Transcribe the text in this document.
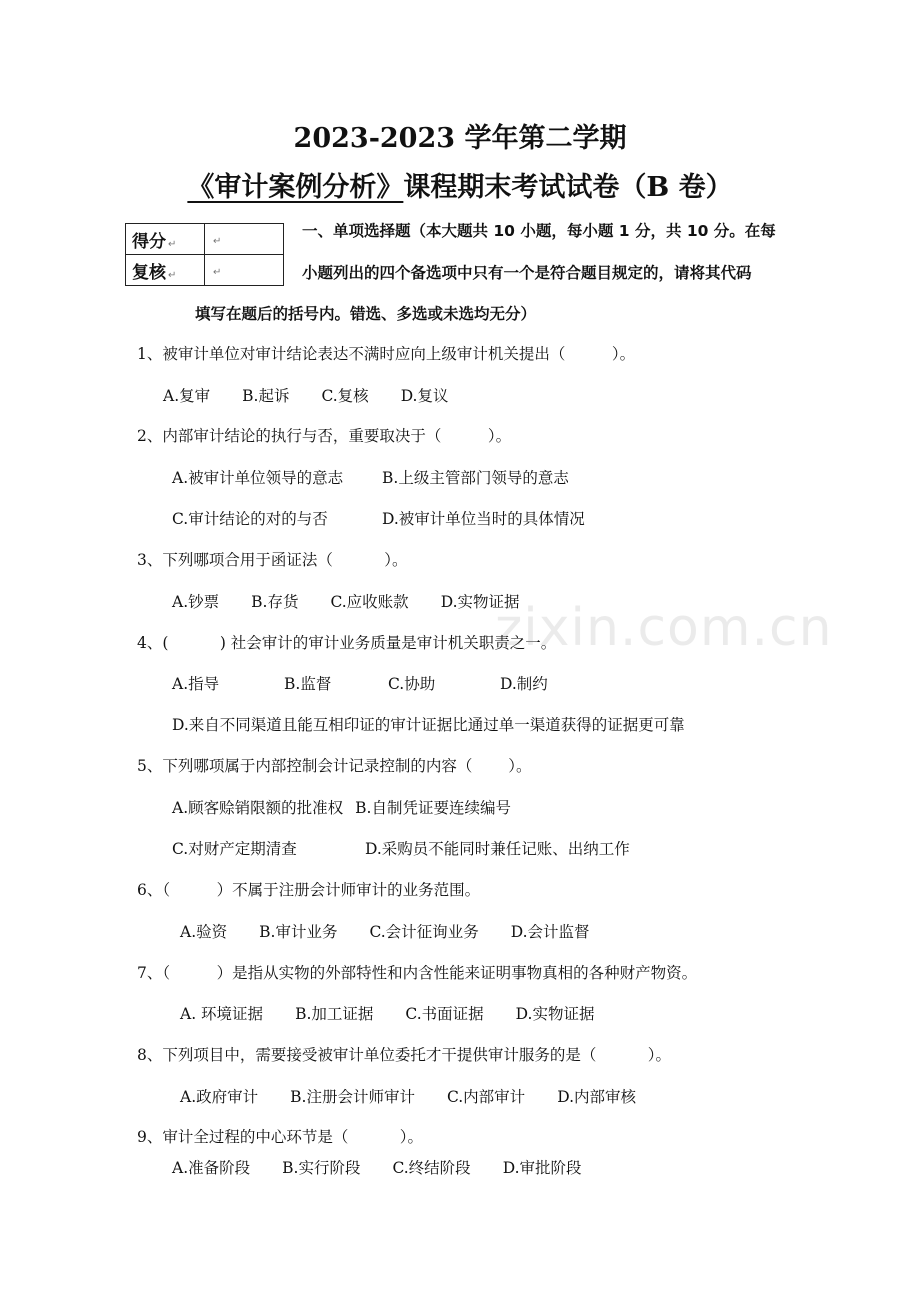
2023-2023 学年第二学期
《审计案例分析》课程期末考试试卷（B 卷）
得分 ↵	↵
复核 ↵	↵
一、单项选择题（本大题共 10 小题，每小题 1 分，共 10 分。在每
小题列出的四个备选项中只有一个是符合题目规定的，请将其代码
填写在题后的括号内。错选、多选或未选均无分）
1、被审计单位对审计结论表达不满时应向上级审计机关提出（　　　）。
A.复审 B.起诉 C.复核 D.复议
2、内部审计结论的执行与否，重要取决于（　　　）。
A.被审计单位领导的意志	B.上级主管部门领导的意志
C.审计结论的对的与否	D.被审计单位当时的具体情况
3、下列哪项合用于函证法（　　　 ）。
A.钞票 B.存货 C.应收账款 D.实物证据
4、(　　　 ) 社会审计的审计业务质量是审计机关职责之一。
A.指导	B.监督	C.协助	D.制约
D.来自不同渠道且能互相印证的审计证据比通过单一渠道获得的证据更可靠
5、下列哪项属于内部控制会计记录控制的内容（　　 ）。
A.顾客赊销限额的批准权 B.自制凭证要连续编号
C.对财产定期清查	D.采购员不能同时兼任记账、出纳工作
6、（　　　）不属于注册会计师审计的业务范围。
A.验资 B.审计业务 C.会计征询业务 D.会计监督
7、（　　　）是指从实物的外部特性和内含性能来证明事物真相的各种财产物资。
A. 环境证据 B.加工证据 C.书面证据 D.实物证据
8、下列项目中，需要接受被审计单位委托才干提供审计服务的是（　　　 ）。
A.政府审计 B.注册会计师审计 C.内部审计 D.内部审核
9、审计全过程的中心环节是（　　　 ）。
A.准备阶段 B.实行阶段 C.终结阶段 D.审批阶段
zixin.com.cn
